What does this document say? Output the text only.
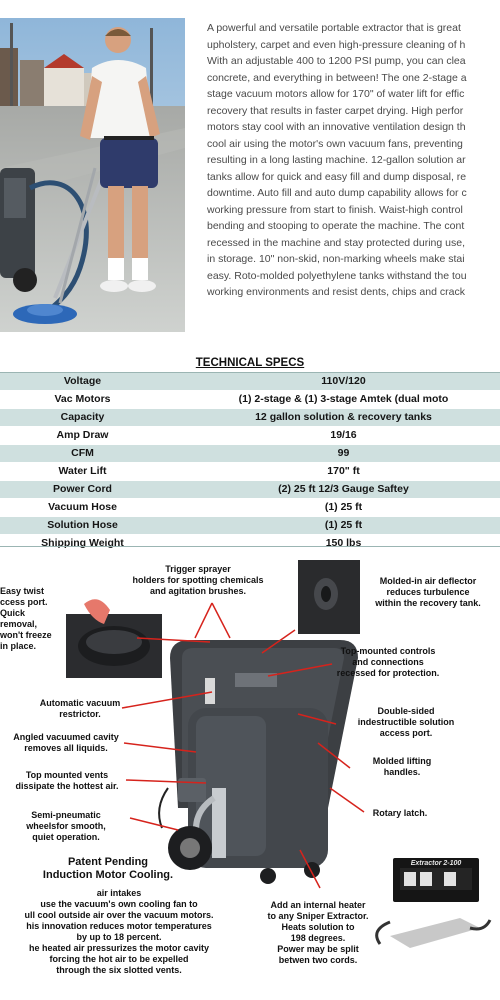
A powerful and versatile portable extractor that is great
upholstery, carpet and even high-pressure cleaning of h
With an adjustable 400 to 1200 PSI pump, you can clea
concrete, and everything in between! The one 2-stage a
stage vacuum motors allow for 170" of water lift for effic
recovery that results in faster carpet drying. High perfor
motors stay cool with an innovative ventilation design th
cool air using the motor's own vacuum fans, preventing
resulting in a long lasting machine. 12-gallon solution ar
tanks allow for quick and easy fill and dump disposal, re
downtime. Auto fill and auto dump capability allows for c
working pressure from start to finish. Waist-high control
bending and stooping to operate the machine. The cont
recessed in the machine and stay protected during use,
in storage. 10" non-skid, non-marking wheels make stai
easy. Roto-molded polyethylene tanks withstand the tou
working environments and resist dents, chips and crack
TECHNICAL SPECS
Voltage	110V/120
Vac Motors	(1) 2-stage & (1) 3-stage Amtek (dual moto
Capacity	12 gallon solution & recovery tanks
Amp Draw	19/16
CFM	99
Water Lift	170" ft
Power Cord	(2) 25 ft 12/3 Gauge Saftey
Vacuum Hose	(1) 25 ft
Solution Hose	(1) 25 ft
Shipping Weight	150 lbs
Easy twist
ccess port.
Quick
removal,
won't freeze
in place.
Trigger sprayer
holders for spotting chemicals
and agitation brushes.
Molded-in air deflector
reduces turbulence
within the recovery tank.
Top-mounted controls
and connections
recessed for protection.
Automatic vacuum
restrictor.	Double-sided
indestructible solution
access port.
Angled vacuumed cavity
removes all liquids.
Molded lifting
handles.
Top mounted vents
dissipate the hottest air.
Rotary latch.
Semi-pneumatic
wheelsfor smooth,
quiet operation.
Patent Pending
Induction Motor Cooling.
air intakes
use the vacuum's own cooling fan to
ull cool outside air over the vacuum motors.
his innovation reduces motor temperatures
by up to 18 percent.
he heated air pressurizes the motor cavity
forcing the hot air to be expelled
through the six slotted vents.
Add an internal heater
to any Sniper Extractor.
Heats solution to
198 degrees.
Power may be split
betwen two cords.
Extractor 2-100
